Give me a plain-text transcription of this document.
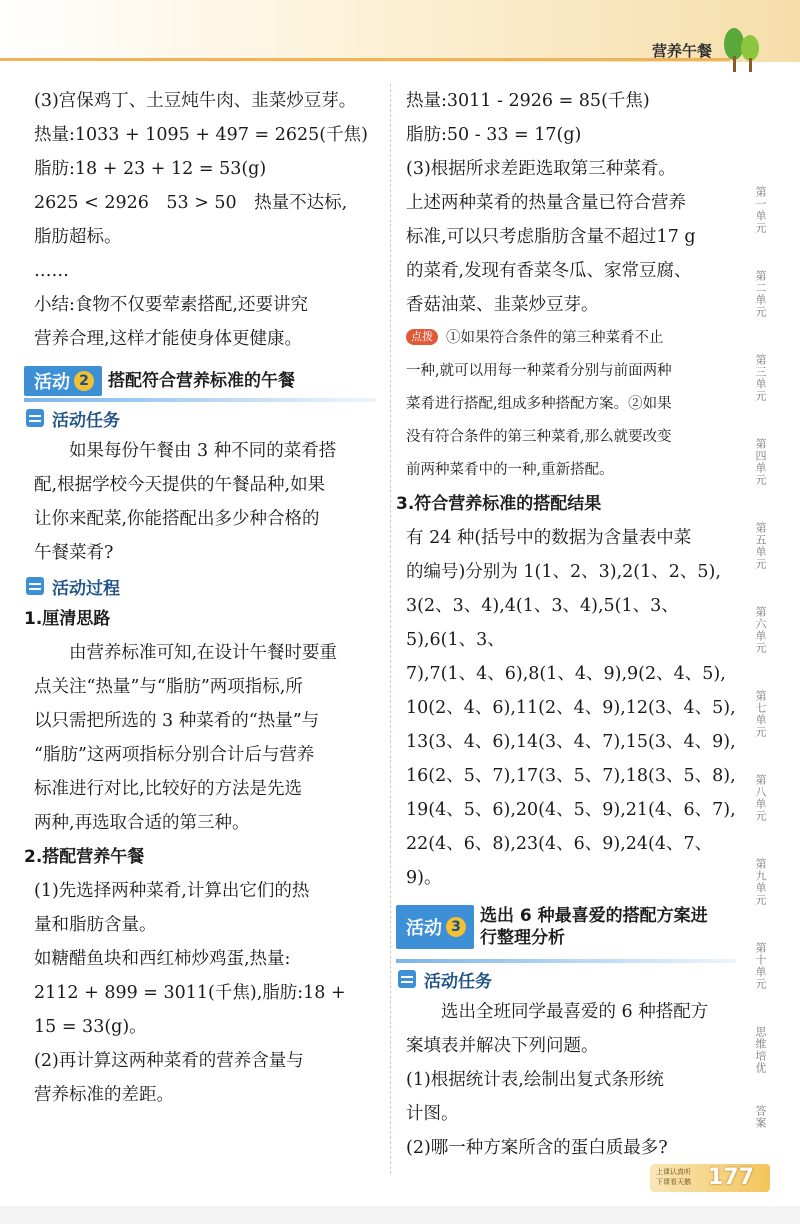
营养午餐

(3)宫保鸡丁、土豆炖牛肉、韭菜炒豆芽。

热量:1033 + 1095 + 497 = 2625(千焦)

脂肪:18 + 23 + 12 = 53(g)

2625 < 2926　53 > 50　热量不达标,

脂肪超标。

……

小结:食物不仅要荤素搭配,还要讲究

营养合理,这样才能使身体更健康。

活动 2	搭配符合营养标准的午餐
活动任务

如果每份午餐由 3 种不同的菜肴搭

配,根据学校今天提供的午餐品种,如果

让你来配菜,你能搭配出多少种合格的

午餐菜肴?

活动过程
1.厘清思路

由营养标准可知,在设计午餐时要重

点关注“热量”与“脂肪”两项指标,所

以只需把所选的 3 种菜肴的“热量”与

“脂肪”这两项指标分别合计后与营养

标准进行对比,比较好的方法是先选

两种,再选取合适的第三种。

2.搭配营养午餐

(1)先选择两种菜肴,计算出它们的热

量和脂肪含量。

如糖醋鱼块和西红柿炒鸡蛋,热量:

2112 + 899 = 3011(千焦),脂肪:18 +

15 = 33(g)。

(2)再计算这两种菜肴的营养含量与

营养标准的差距。

热量:3011 - 2926 = 85(千焦)

脂肪:50 - 33 = 17(g)

(3)根据所求差距选取第三种菜肴。

上述两种菜肴的热量含量已符合营养

标准,可以只考虑脂肪含量不超过17 g

的菜肴,发现有香菜冬瓜、家常豆腐、

香菇油菜、韭菜炒豆芽。

点拨 ①如果符合条件的第三种菜肴不止

一种,就可以用每一种菜肴分别与前面两种

菜肴进行搭配,组成多种搭配方案。②如果

没有符合条件的第三种菜肴,那么就要改变

前两种菜肴中的一种,重新搭配。

3.符合营养标准的搭配结果

有 24 种(括号中的数据为含量表中菜

的编号)分别为 1(1、2、3),2(1、2、5),

3(2、3、4),4(1、3、4),5(1、3、5),6(1、3、

7),7(1、4、6),8(1、4、9),9(2、4、5),

10(2、4、6),11(2、4、9),12(3、4、5),

13(3、4、6),14(3、4、7),15(3、4、9),

16(2、5、7),17(3、5、7),18(3、5、8),

19(4、5、6),20(4、5、9),21(4、6、7),

22(4、6、8),23(4、6、9),24(4、7、9)。

活动 3
选出 6 种最喜爱的搭配方案进行整理分析
活动任务

选出全班同学最喜爱的 6 种搭配方

案填表并解决下列问题。

(1)根据统计表,绘制出复式条形统

计图。

(2)哪一种方案所含的蛋白质最多?

第一单元
第二单元
第三单元
第四单元
第五单元
第六单元
第七单元
第八单元
第九单元
第十单元
思维培优
答案
上课认真听 下课看天鹅 177
